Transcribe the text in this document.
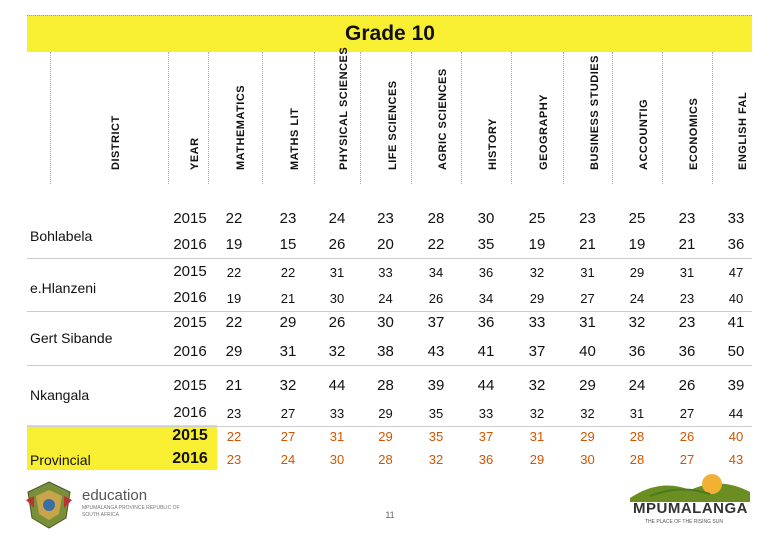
Grade 10
DISTRICT	YEAR	MATHEMATICS	MATHS LIT	PHYSICAL SCIENCES	LIFE SCIENCES	AGRIC SCIENCES	HISTORY	GEOGRAPHY	BUSINESS STUDIES	ACCOUNTIG	ECONOMICS	ENGLISH FAL
Bohlabela
2015	22	23	24	23	28	30	25	23	25	23	33
2016	19	15	26	20	22	35	19	21	19	21	36
e.Hlanzeni
2015	22	22	31	33	34	36	32	31	29	31	47
2016	19	21	30	24	26	34	29	27	24	23	40
Gert Sibande
2015	22	29	26	30	37	36	33	31	32	23	41
2016	29	31	32	38	43	41	37	40	36	36	50
Nkangala
2015	21	32	44	28	39	44	32	29	24	26	39
2016	23	27	33	29	35	33	32	32	31	27	44
Provincial
2015	22	27	31	29	35	37	31	29	28	26	40
2016	23	24	30	28	32	36	29	30	28	27	43
education
MPUMALANGA PROVINCE REPUBLIC OF SOUTH AFRICA	11	MPUMALANGA
THE PLACE OF THE RISING SUN
